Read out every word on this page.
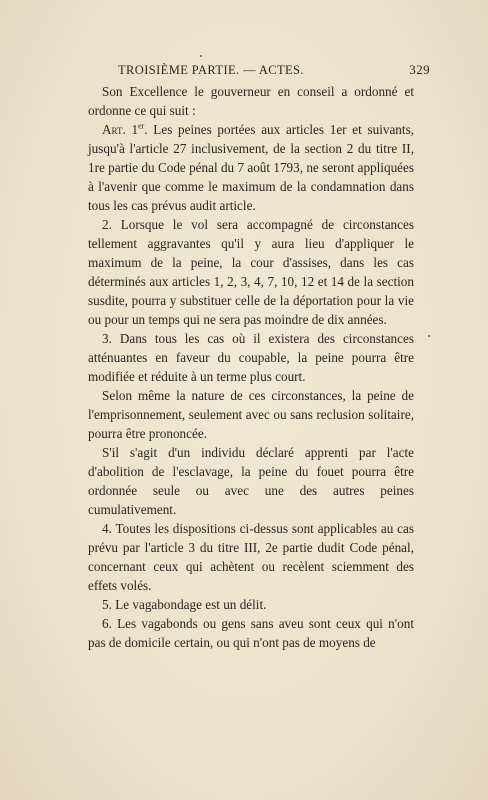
TROISIÈME PARTIE. — ACTES.	329

Son Excellence le gouverneur en conseil a ordonné et ordonne ce qui suit :

Art. 1er. Les peines portées aux articles 1er et suivants, jusqu'à l'article 27 inclusivement, de la section 2 du titre II, 1re partie du Code pénal du 7 août 1793, ne seront appliquées à l'avenir que comme le maximum de la condamnation dans tous les cas prévus audit article.

2. Lorsque le vol sera accompagné de circonstances tellement aggravantes qu'il y aura lieu d'appliquer le maximum de la peine, la cour d'assises, dans les cas déterminés aux articles 1, 2, 3, 4, 7, 10, 12 et 14 de la section susdite, pourra y substituer celle de la déportation pour la vie ou pour un temps qui ne sera pas moindre de dix années.

3. Dans tous les cas où il existera des circonstances atténuantes en faveur du coupable, la peine pourra être modifiée et réduite à un terme plus court.

Selon même la nature de ces circonstances, la peine de l'emprisonnement, seulement avec ou sans reclusion solitaire, pourra être prononcée.

S'il s'agit d'un individu déclaré apprenti par l'acte d'abolition de l'esclavage, la peine du fouet pourra être ordonnée seule ou avec une des autres peines cumulativement.

4. Toutes les dispositions ci-dessus sont applicables au cas prévu par l'article 3 du titre III, 2e partie dudit Code pénal, concernant ceux qui achètent ou recèlent sciemment des effets volés.

5. Le vagabondage est un délit.

6. Les vagabonds ou gens sans aveu sont ceux qui n'ont pas de domicile certain, ou qui n'ont pas de moyens de
